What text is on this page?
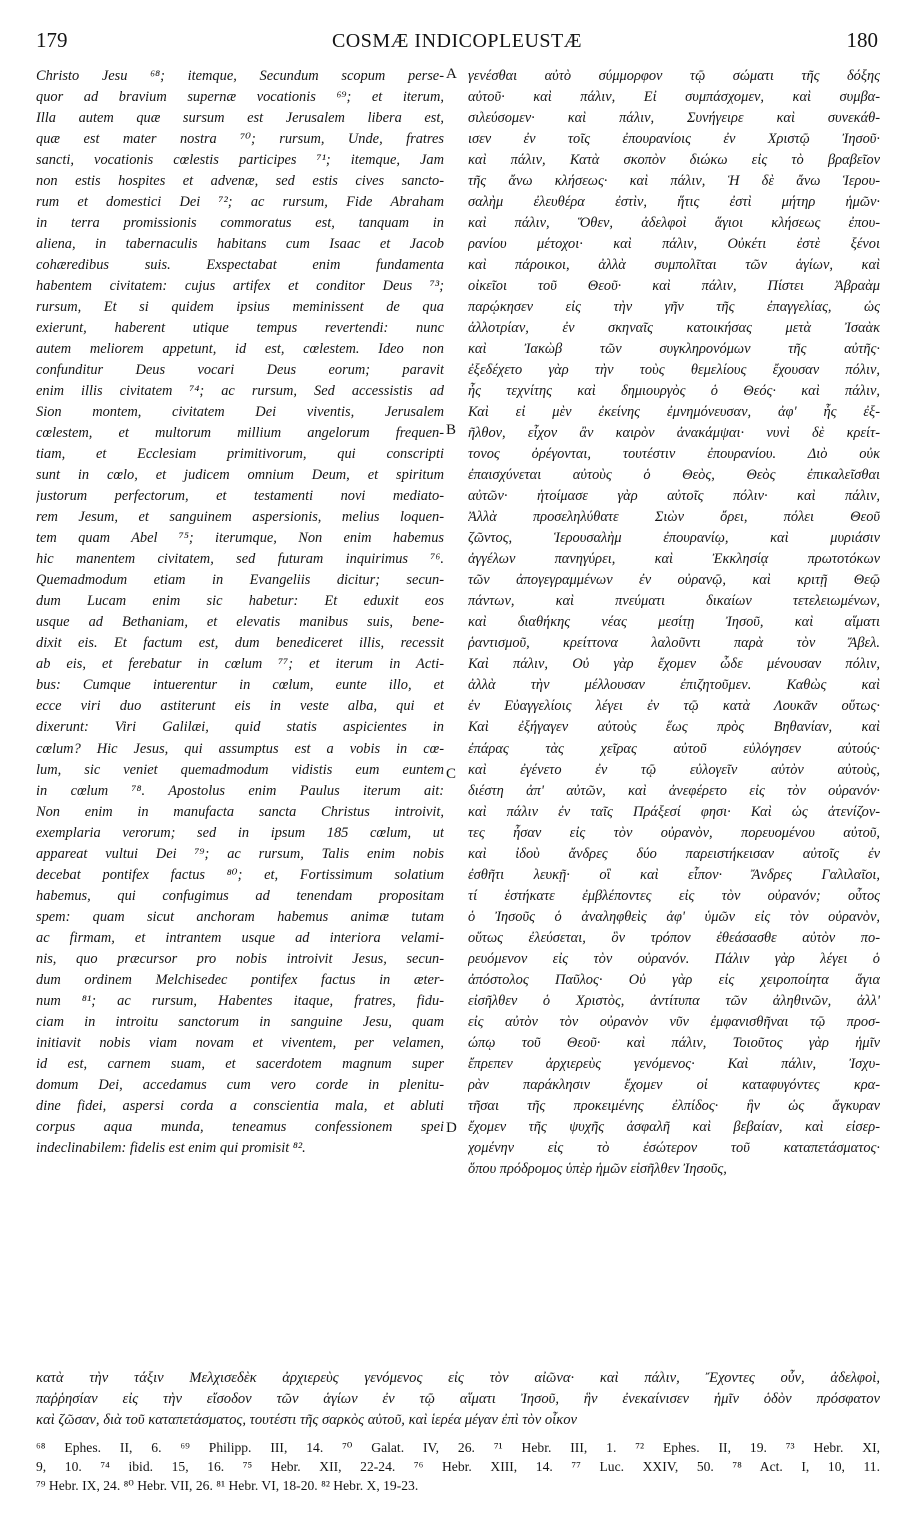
179	COSMÆ INDICOPLEUSTÆ	180
Christo Jesu ⁶⁸; itemque, Secundum scopum perse-
quor ad bravium supernæ vocationis ⁶⁹; et iterum,
Illa autem quæ sursum est Jerusalem libera est,
quæ est mater nostra ⁷⁰; rursum, Unde, fratres
sancti, vocationis cœlestis participes ⁷¹; itemque, Jam
non estis hospites et advenæ, sed estis cives sancto-
rum et domestici Dei ⁷²; ac rursum, Fide Abraham
in terra promissionis commoratus est, tanquam in
aliena, in tabernaculis habitans cum Isaac et Jacob
cohæredibus suis. Exspectabat enim fundamenta
habentem civitatem: cujus artifex et conditor Deus ⁷³;
rursum, Et si quidem ipsius meminissent de qua
exierunt, haberent utique tempus revertendi: nunc
autem meliorem appetunt, id est, cœlestem. Ideo non
confunditur Deus vocari Deus eorum; paravit
enim illis civitatem ⁷⁴; ac rursum, Sed accessistis ad
Sion montem, civitatem Dei viventis, Jerusalem
cœlestem, et multorum millium angelorum frequen-
tiam, et Ecclesiam primitivorum, qui conscripti
sunt in cœlo, et judicem omnium Deum, et spiritum
justorum perfectorum, et testamenti novi mediato-
rem Jesum, et sanguinem aspersionis, melius loquen-
tem quam Abel ⁷⁵; iterumque, Non enim habemus
hic manentem civitatem, sed futuram inquirimus ⁷⁶.
Quemadmodum etiam in Evangeliis dicitur; secun-
dum Lucam enim sic habetur: Et eduxit eos
usque ad Bethaniam, et elevatis manibus suis, bene-
dixit eis. Et factum est, dum benediceret illis, recessit
ab eis, et ferebatur in cœlum ⁷⁷; et iterum in Acti-
bus: Cumque intuerentur in cœlum, eunte illo, et
ecce viri duo astiterunt eis in veste alba, qui et
dixerunt: Viri Galilæi, quid statis aspicientes in
cœlum? Hic Jesus, qui assumptus est a vobis in cœ-
lum, sic veniet quemadmodum vidistis eum euntem
in cœlum ⁷⁸. Apostolus enim Paulus iterum ait:
Non enim in manufacta sancta Christus introivit,
exemplaria verorum; sed in ipsum 185 cœlum, ut
appareat vultui Dei ⁷⁹; ac rursum, Talis enim nobis
decebat pontifex factus ⁸⁰; et, Fortissimum solatium
habemus, qui confugimus ad tenendam propositam
spem: quam sicut anchoram habemus animæ tutam
ac firmam, et intrantem usque ad interiora velami-
nis, quo præcursor pro nobis introivit Jesus, secun-
dum ordinem Melchisedec pontifex factus in æter-
num ⁸¹; ac rursum, Habentes itaque, fratres, fidu-
ciam in introitu sanctorum in sanguine Jesu, quam
initiavit nobis viam novam et viventem, per velamen,
id est, carnem suam, et sacerdotem magnum super
domum Dei, accedamus cum vero corde in plenitu-
dine fidei, aspersi corda a conscientia mala, et abluti
corpus aqua munda, teneamus confessionem spei
indeclinabilem: fidelis est enim qui promisit ⁸².
A
B
C
D
γενέσθαι αὐτὸ σύμμορφον τῷ σώματι τῆς δόξης
αὐτοῦ· καὶ πάλιν, Εἰ συμπάσχομεν, καὶ συμβα-
σιλεύσομεν· καὶ πάλιν, Συνήγειρε καὶ συνεκάθ-
ισεν ἐν τοῖς ἐπουρανίοις ἐν Χριστῷ Ἰησοῦ·
καὶ πάλιν, Κατὰ σκοπὸν διώκω εἰς τὸ βραβεῖον
τῆς ἄνω κλήσεως· καὶ πάλιν, Ἡ δὲ ἄνω Ἱερου-
σαλὴμ ἐλευθέρα ἐστὶν, ἥτις ἐστὶ μήτηρ ἡμῶν·
καὶ πάλιν, Ὅθεν, ἀδελφοὶ ἅγιοι κλήσεως ἐπου-
ρανίου μέτοχοι· καὶ πάλιν, Οὐκέτι ἐστὲ ξένοι
καὶ πάροικοι, ἀλλὰ συμπολῖται τῶν ἁγίων, καὶ
οἰκεῖοι τοῦ Θεοῦ· καὶ πάλιν, Πίστει Ἀβραὰμ
παρῴκησεν εἰς τὴν γῆν τῆς ἐπαγγελίας, ὡς
ἀλλοτρίαν, ἐν σκηναῖς κατοικήσας μετὰ Ἰσαὰκ
καὶ Ἰακὼβ τῶν συγκληρονόμων τῆς αὐτῆς·
ἐξεδέχετο γὰρ τὴν τοὺς θεμελίους ἔχουσαν πόλιν,
ἧς τεχνίτης καὶ δημιουργὸς ὁ Θεός· καὶ πάλιν,
Καὶ εἰ μὲν ἐκείνης ἐμνημόνευσαν, ἀφ' ἧς ἐξ-
ῆλθον, εἶχον ἂν καιρὸν ἀνακάμψαι· νυνὶ δὲ κρείτ-
τονος ὀρέγονται, τουτέστιν ἐπουρανίου. Διὸ οὐκ
ἐπαισχύνεται αὐτοὺς ὁ Θεὸς, Θεὸς ἐπικαλεῖσθαι
αὐτῶν· ἡτοίμασε γὰρ αὐτοῖς πόλιν· καὶ πάλιν,
Ἀλλὰ προσεληλύθατε Σιὼν ὄρει, πόλει Θεοῦ
ζῶντος, Ἱερουσαλὴμ ἐπουρανίῳ, καὶ μυριάσιν
ἀγγέλων πανηγύρει, καὶ Ἐκκλησίᾳ πρωτοτόκων
τῶν ἀπογεγραμμένων ἐν οὐρανῷ, καὶ κριτῇ Θεῷ
πάντων, καὶ πνεύματι δικαίων τετελειωμένων,
καὶ διαθήκης νέας μεσίτῃ Ἰησοῦ, καὶ αἵματι
ῥαντισμοῦ, κρείττονα λαλοῦντι παρὰ τὸν Ἄβελ.
Καὶ πάλιν, Οὐ γὰρ ἔχομεν ὧδε μένουσαν πόλιν,
ἀλλὰ τὴν μέλλουσαν ἐπιζητοῦμεν. Καθὼς καὶ
ἐν Εὐαγγελίοις λέγει ἐν τῷ κατὰ Λουκᾶν οὕτως·
Καὶ ἐξήγαγεν αὐτοὺς ἕως πρὸς Βηθανίαν, καὶ
ἐπάρας τὰς χεῖρας αὐτοῦ εὐλόγησεν αὐτούς·
καὶ ἐγένετο ἐν τῷ εὐλογεῖν αὐτὸν αὐτοὺς,
διέστη ἀπ' αὐτῶν, καὶ ἀνεφέρετο εἰς τὸν οὐρανόν·
καὶ πάλιν ἐν ταῖς Πράξεσί φησι· Καὶ ὡς ἀτενίζον-
τες ἦσαν εἰς τὸν οὐρανὸν, πορευομένου αὐτοῦ,
καὶ ἰδοὺ ἄνδρες δύο παρειστήκεισαν αὐτοῖς ἐν
ἐσθῆτι λευκῇ· οἳ καὶ εἶπον· Ἄνδρες Γαλιλαῖοι,
τί ἑστήκατε ἐμβλέποντες εἰς τὸν οὐρανόν; οὗτος
ὁ Ἰησοῦς ὁ ἀναληφθεὶς ἀφ' ὑμῶν εἰς τὸν οὐρανὸν,
οὕτως ἐλεύσεται, ὃν τρόπον ἐθεάσασθε αὐτὸν πο-
ρευόμενον εἰς τὸν οὐρανόν. Πάλιν γὰρ λέγει ὁ
ἀπόστολος Παῦλος· Οὐ γὰρ εἰς χειροποίητα ἅγια
εἰσῆλθεν ὁ Χριστὸς, ἀντίτυπα τῶν ἀληθινῶν, ἀλλ'
εἰς αὐτὸν τὸν οὐρανὸν νῦν ἐμφανισθῆναι τῷ προσ-
ώπῳ τοῦ Θεοῦ· καὶ πάλιν, Τοιοῦτος γὰρ ἡμῖν
ἔπρεπεν ἀρχιερεὺς γενόμενος· Καὶ πάλιν, Ἰσχυ-
ρὰν παράκλησιν ἔχομεν οἱ καταφυγόντες κρα-
τῆσαι τῆς προκειμένης ἐλπίδος· ἣν ὡς ἄγκυραν
ἔχομεν τῆς ψυχῆς ἀσφαλῆ καὶ βεβαίαν, καὶ εἰσερ-
χομένην εἰς τὸ ἐσώτερον τοῦ καταπετάσματος·
ὅπου πρόδρομος ὑπὲρ ἡμῶν εἰσῆλθεν Ἰησοῦς,
κατὰ τὴν τάξιν Μελχισεδὲκ ἀρχιερεὺς γενόμενος εἰς τὸν αἰῶνα· καὶ πάλιν, Ἔχοντες οὖν, ἀδελφοὶ,
παῤῥησίαν εἰς τὴν εἴσοδον τῶν ἁγίων ἐν τῷ αἵματι Ἰησοῦ, ἣν ἐνεκαίνισεν ἡμῖν ὁδὸν πρόσφατον
καὶ ζῶσαν, διὰ τοῦ καταπετάσματος, τουτέστι τῆς σαρκὸς αὐτοῦ, καὶ ἱερέα μέγαν ἐπὶ τὸν οἶκον
⁶⁸ Ephes. II, 6. ⁶⁹ Philipp. III, 14. ⁷⁰ Galat. IV, 26. ⁷¹ Hebr. III, 1. ⁷² Ephes. II, 19. ⁷³ Hebr. XI,
9, 10. ⁷⁴ ibid. 15, 16. ⁷⁵ Hebr. XII, 22-24. ⁷⁶ Hebr. XIII, 14. ⁷⁷ Luc. XXIV, 50. ⁷⁸ Act. I, 10, 11.
⁷⁹ Hebr. IX, 24. ⁸⁰ Hebr. VII, 26. ⁸¹ Hebr. VI, 18-20. ⁸² Hebr. X, 19-23.
